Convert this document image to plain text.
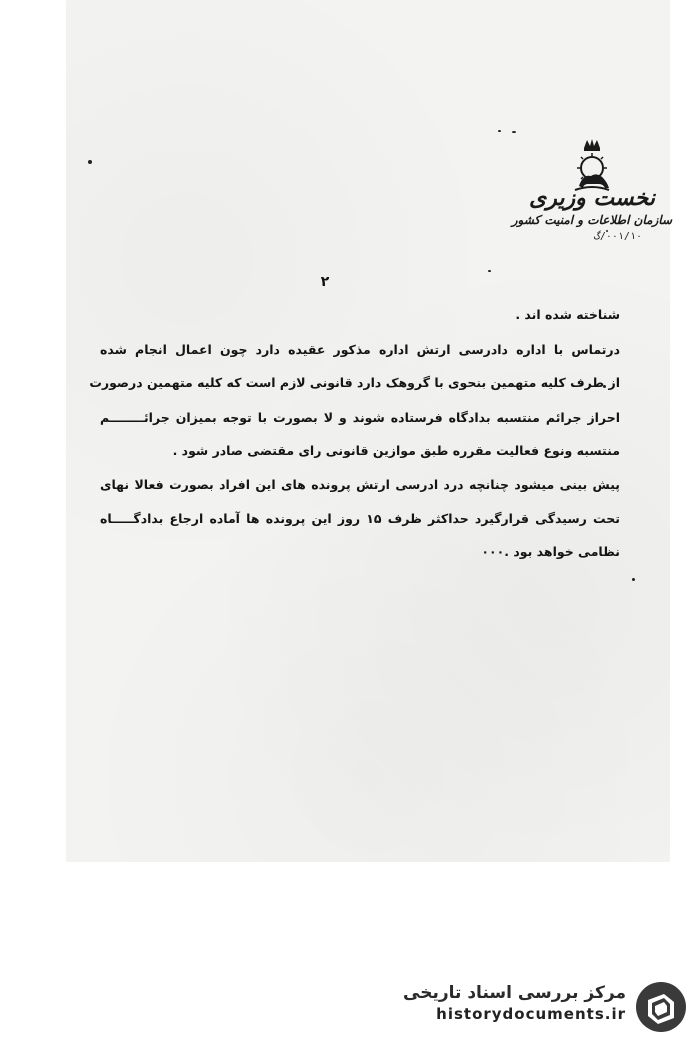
نخست وزیری
سازمان اطلاعات و امنیت کشور
۰۰۱/۱۰/گ
۲
شناخته شده اند .
درتماس با اداره دادرسی ارتش اداره مذکور عقیده دارد چون اعمال انجام شده
از طرف کلیه متهمین بنحوی با گروهک دارد قانونی لازم است که کلیه متهمین درصورت
احراز جرائم منتسبه بدادگاه فرستاده شوند و لا بصورت با توجه بمیزان جرائــــــــم
منتسبه ونوع فعالیت مقرره طبق موازین قانونی رای مقتضی صادر شود .
پیش بینی میشود چنانچه درد ادرسی ارتش پرونده های این افراد بصورت فعالا نهای
تحت رسیدگی قرارگیرد حداکثر ظرف ۱۵ روز این پرونده ها آماده ارجاع بدادگـــــاه
نظامی خواهد بود .۰۰۰
مرکز بررسی اسناد تاریخی
historydocuments.ir
